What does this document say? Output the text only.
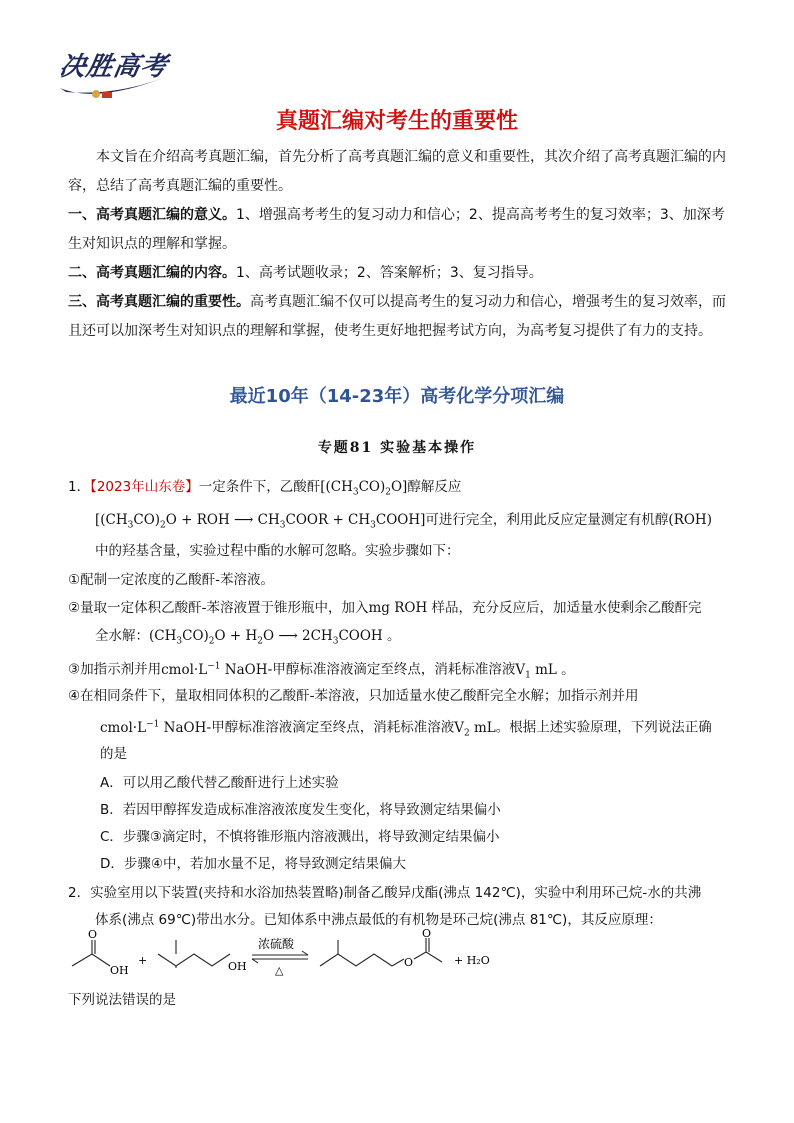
决胜高考
真题汇编对考生的重要性

本文旨在介绍高考真题汇编，首先分析了高考真题汇编的意义和重要性，其次介绍了高考真题汇编的内容，总结了高考真题汇编的重要性。

一、高考真题汇编的意义。1、增强高考考生的复习动力和信心；2、提高高考考生的复习效率；3、加深考生对知识点的理解和掌握。

二、高考真题汇编的内容。1、高考试题收录；2、答案解析；3、复习指导。

三、高考真题汇编的重要性。高考真题汇编不仅可以提高考生的复习动力和信心，增强考生的复习效率，而且还可以加深考生对知识点的理解和掌握，使考生更好地把握考试方向，为高考复习提供了有力的支持。

最近10年（14-23年）高考化学分项汇编
专题81 实验基本操作
1．【2023年山东卷】一定条件下，乙酸酐$[(CH_3CO)_2O]$醇解反应
[$(CH_3CO)_2O$ + ROH ⟶ $CH_3COOR$ + $CH_3COOH$]可进行完全，利用此反应定量测定有机醇(ROH)
中的羟基含量，实验过程中酯的水解可忽略。实验步骤如下：
①配制一定浓度的乙酸酐-苯溶液。
②量取一定体积乙酸酐-苯溶液置于锥形瓶中，加入mg ROH 样品，充分反应后，加适量水使剩余乙酸酐完
全水解：$(CH_3CO)_2O + H_2O$ ⟶ $2CH_3COOH$ 。
③加指示剂并用$cmol\cdot L^{-1}$ NaOH-甲醇标准溶液滴定至终点，消耗标准溶液$V_1$ mL 。
④在相同条件下，量取相同体积的乙酸酐-苯溶液，只加适量水使乙酸酐完全水解；加指示剂并用
$cmol\cdot L^{-1}$ NaOH-甲醇标准溶液滴定至终点，消耗标准溶液$V_2$ mL。根据上述实验原理，下列说法正确
的是
A．可以用乙酸代替乙酸酐进行上述实验
B．若因甲醇挥发造成标准溶液浓度发生变化，将导致测定结果偏小
C．步骤③滴定时，不慎将锥形瓶内溶液溅出，将导致测定结果偏小
D．步骤④中，若加水量不足，将导致测定结果偏大
2．实验室用以下装置(夹持和水浴加热装置略)制备乙酸异戊酯(沸点 142℃)，实验中利用环己烷-水的共沸
体系(沸点 69℃)带出水分。已知体系中沸点最低的有机物是环己烷(沸点 81℃)，其反应原理：
O
OH
+	OH
浓硫酸
△
O
O
+ H₂O
下列说法错误的是
